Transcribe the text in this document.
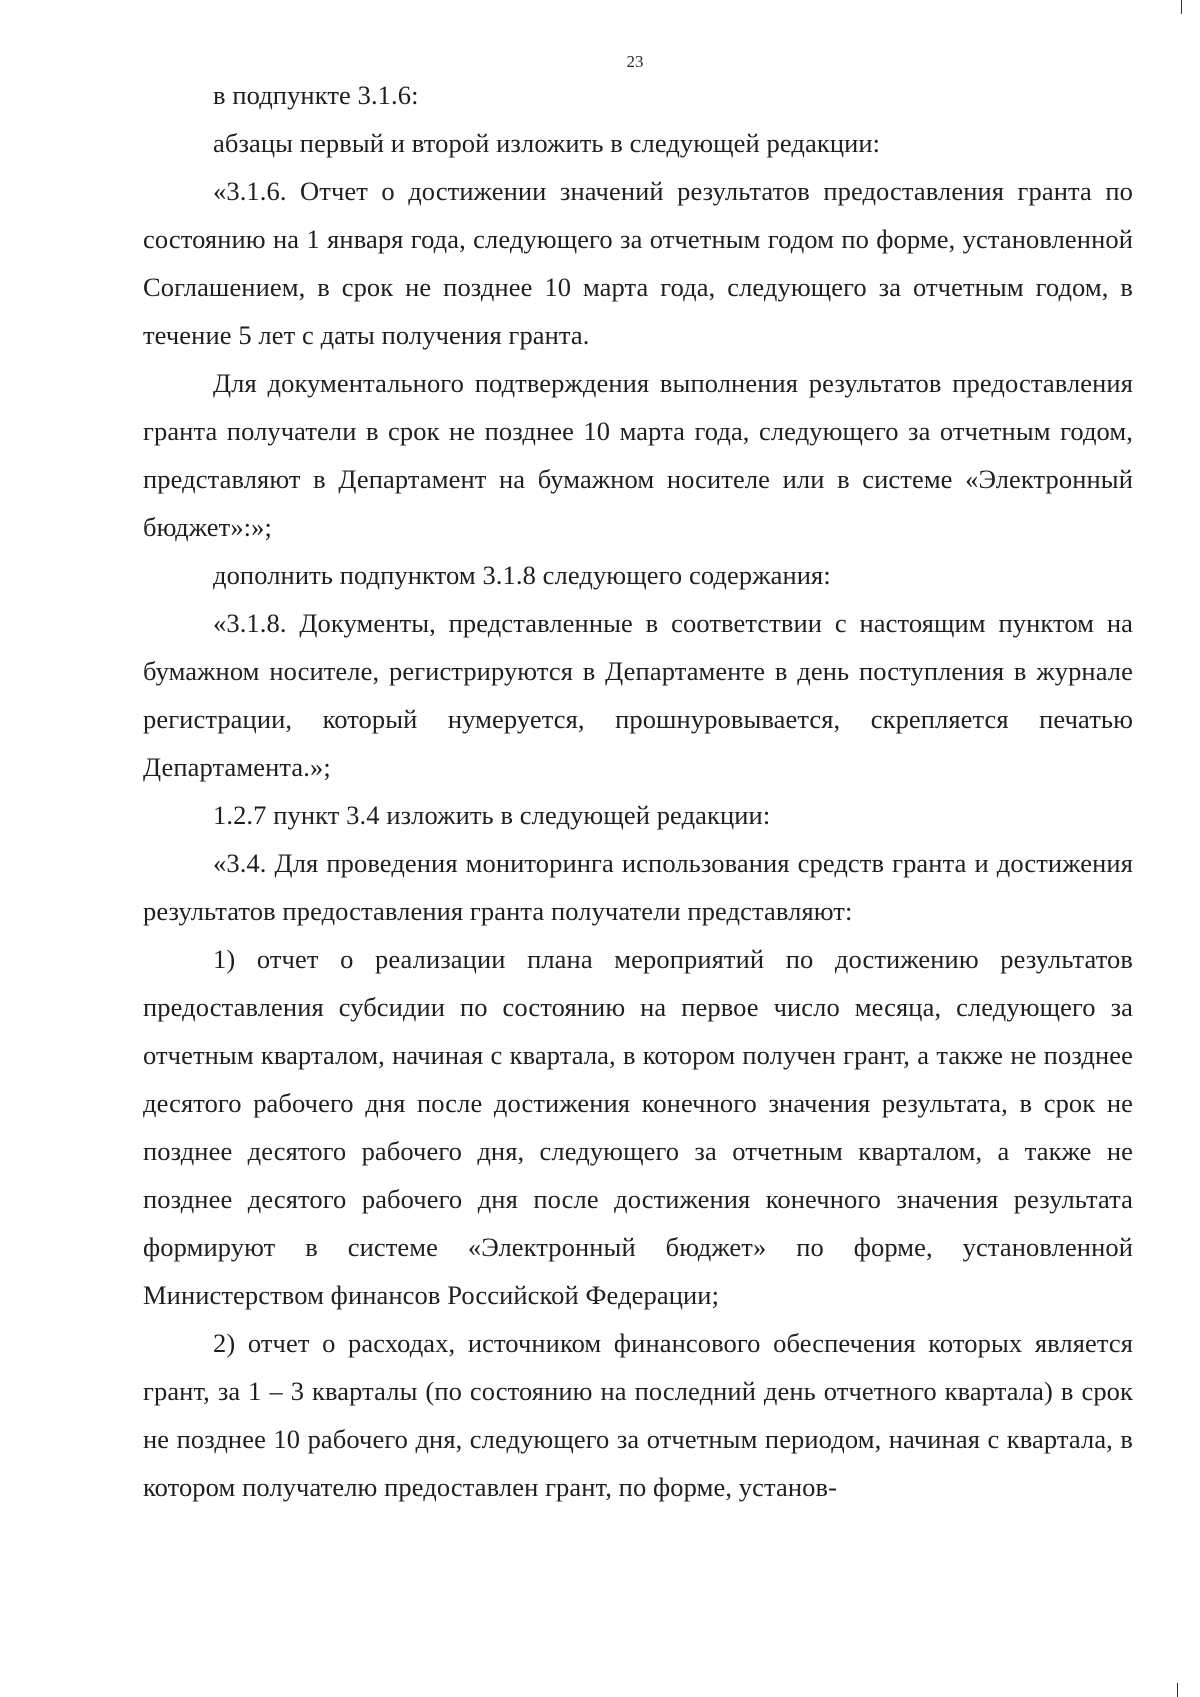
23

в подпункте 3.1.6:

абзацы первый и второй изложить в следующей редакции:

«3.1.6. Отчет о достижении значений результатов предоставления гранта по состоянию на 1 января года, следующего за отчетным годом по форме, установленной Соглашением, в срок не позднее 10 марта года, следующего за отчетным годом, в течение 5 лет с даты получения гранта.

Для документального подтверждения выполнения результатов предоставления гранта получатели в срок не позднее 10 марта года, следующего за отчетным годом, представляют в Департамент на бумажном носителе или в системе «Электронный бюджет»:»;

дополнить подпунктом 3.1.8 следующего содержания:

«3.1.8. Документы, представленные в соответствии с настоящим пунктом на бумажном носителе, регистрируются в Департаменте в день поступления в журнале регистрации, который нумеруется, прошнуровывается, скрепляется печатью Департамента.»;

1.2.7 пункт 3.4 изложить в следующей редакции:

«3.4. Для проведения мониторинга использования средств гранта и достижения результатов предоставления гранта получатели представляют:

1) отчет о реализации плана мероприятий по достижению результатов предоставления субсидии по состоянию на первое число месяца, следующего за отчетным кварталом, начиная с квартала, в котором получен грант, а также не позднее десятого рабочего дня после достижения конечного значения результата, в срок не позднее десятого рабочего дня, следующего за отчетным кварталом, а также не позднее десятого рабочего дня после достижения конечного значения результата формируют в системе «Электронный бюджет» по форме, установленной Министерством финансов Российской Федерации;

2) отчет о расходах, источником финансового обеспечения которых является грант, за 1 – 3 кварталы (по состоянию на последний день отчетного квартала) в срок не позднее 10 рабочего дня, следующего за отчетным периодом, начиная с квартала, в котором получателю предоставлен грант, по форме, установ-
